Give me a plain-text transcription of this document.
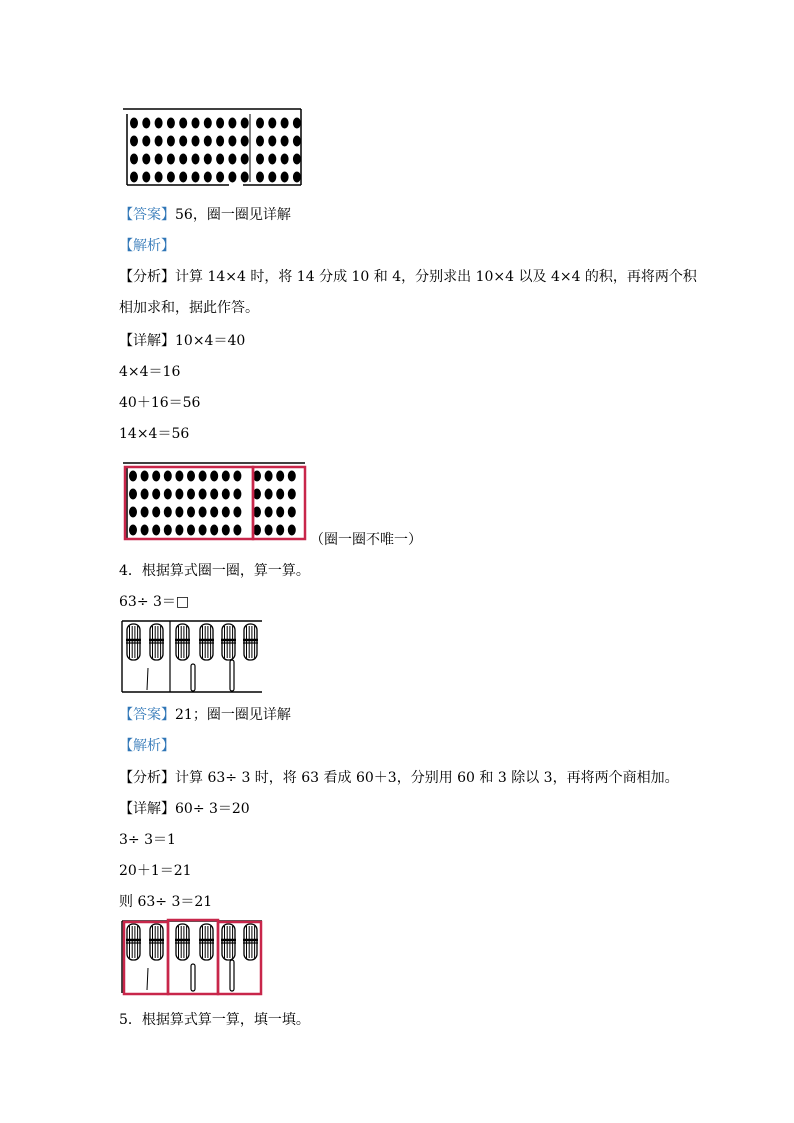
【答案】56，圈一圈见详解
【解析】
【分析】计算 14×4 时，将 14 分成 10 和 4，分别求出 10×4 以及 4×4 的积，再将两个积
相加求和，据此作答。
【详解】10×4＝40
4×4＝16
40＋16＝56
14×4＝56
（圈一圈不唯一）
4．根据算式圈一圈，算一算。
63÷ 3＝□
【答案】21；圈一圈见详解
【解析】
【分析】计算 63÷ 3 时，将 63 看成 60＋3，分别用 60 和 3 除以 3，再将两个商相加。
【详解】60÷ 3＝20
3÷ 3＝1
20＋1＝21
则 63÷ 3＝21
5．根据算式算一算，填一填。
